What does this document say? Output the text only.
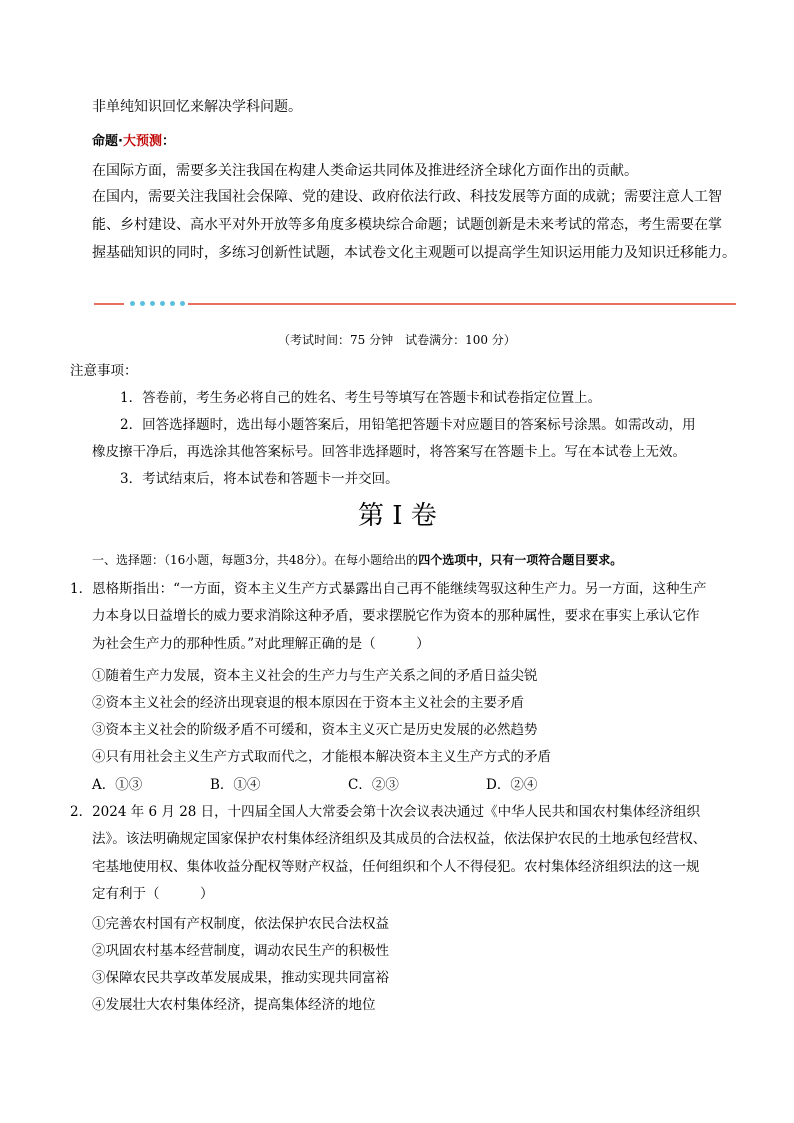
非单纯知识回忆来解决学科问题。
命题·大预测：
在国际方面，需要多关注我国在构建人类命运共同体及推进经济全球化方面作出的贡献。
在国内，需要关注我国社会保障、党的建设、政府依法行政、科技发展等方面的成就；需要注意人工智
能、乡村建设、高水平对外开放等多角度多模块综合命题；试题创新是未来考试的常态，考生需要在掌
握基础知识的同时，多练习创新性试题，本试卷文化主观题可以提高学生知识运用能力及知识迁移能力。
（考试时间：75 分钟　试卷满分：100 分）
注意事项：
1．答卷前，考生务必将自己的姓名、考生号等填写在答题卡和试卷指定位置上。
2．回答选择题时，选出每小题答案后，用铅笔把答题卡对应题目的答案标号涂黑。如需改动，用
橡皮擦干净后，再选涂其他答案标号。回答非选择题时，将答案写在答题卡上。写在本试卷上无效。
3．考试结束后，将本试卷和答题卡一并交回。
第 I 卷
一、选择题：（16小题，每题3分，共48分）。在每小题给出的四个选项中，只有一项符合题目要求。
1．恩格斯指出：“一方面，资本主义生产方式暴露出自己再不能继续驾驭这种生产力。另一方面，这种生产
力本身以日益增长的威力要求消除这种矛盾，要求摆脱它作为资本的那种属性，要求在事实上承认它作
为社会生产力的那种性质。”对此理解正确的是（　　　）
①随着生产力发展，资本主义社会的生产力与生产关系之间的矛盾日益尖锐
②资本主义社会的经济出现衰退的根本原因在于资本主义社会的主要矛盾
③资本主义社会的阶级矛盾不可缓和，资本主义灭亡是历史发展的必然趋势
④只有用社会主义生产方式取而代之，才能根本解决资本主义生产方式的矛盾
A．①③	B．①④	C．②③	D．②④
2．2024 年 6 月 28 日，十四届全国人大常委会第十次会议表决通过《中华人民共和国农村集体经济组织
法》。该法明确规定国家保护农村集体经济组织及其成员的合法权益，依法保护农民的土地承包经营权、
宅基地使用权、集体收益分配权等财产权益，任何组织和个人不得侵犯。农村集体经济组织法的这一规
定有利于（　　　）
①完善农村国有产权制度，依法保护农民合法权益
②巩固农村基本经营制度，调动农民生产的积极性
③保障农民共享改革发展成果，推动实现共同富裕
④发展壮大农村集体经济，提高集体经济的地位
